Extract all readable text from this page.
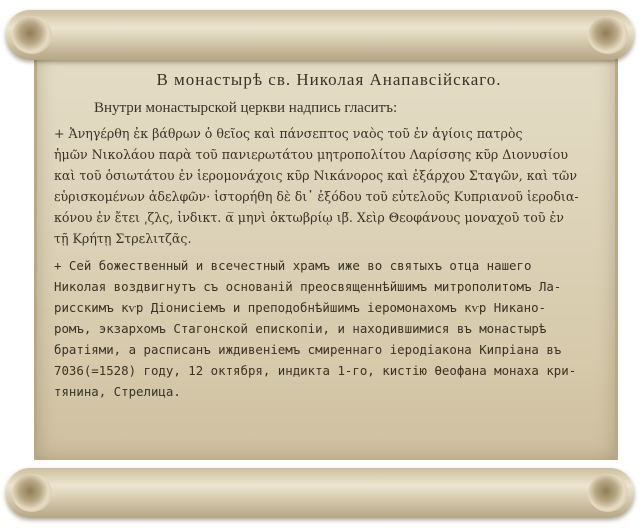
В монастырѣ св. Николая Анапавсійскаго.
Внутри монастырской церкви надпись гласитъ:
+ Ἀνηγέρθη ἐκ βάθρων ὁ θεῖος καὶ πάνσεπτος ναὸς τοῦ ἐν ἁγίοις πατρὸς
ἡμῶν Νικολάου παρὰ τοῦ πανιερωτάτου μητροπολίτου Λαρίσσης κῦρ Διονυσίου
καὶ τοῦ ὁσιωτάτου ἐν ἱερομονάχοις κῦρ Νικάνορος καὶ ἐξάρχου Σταγῶν, καὶ τῶν
εὑρισκομένων ἀδελφῶν· ἱστορήθη δὲ δι᾽ ἐξόδου τοῦ εὐτελοῦς Κυπριανοῦ ἱεροδια-
κόνου ἐν ἔτει ͵ζλς, ἰνδικτ. α̅ μηνὶ ὀκτωβρίῳ ιβ̅. Χεὶρ Θεοφάνους μοναχοῦ τοῦ ἐν
τῇ Κρήτῃ Στρελιτζᾶς.
+ Сей божественный и всечестный храмъ иже во святыхъ отца нашего
Николая воздвигнутъ съ основаній преосвященнѣйшимъ митрополитомъ Ла-
рисскимъ кѵр Діонисіемъ и преподобнѣйшимъ іеромонахомъ кѵр Никано-
ромъ, экзархомъ Стагонской епископіи, и находившимися въ монастырѣ
братіями, а расписанъ иждивеніемъ смиреннаго іеродіакона Кипріана въ
7036(=1528) году, 12 октября, индикта 1-го, кистію Ѳеофана монаха кри-
тянина, Стрелица.
